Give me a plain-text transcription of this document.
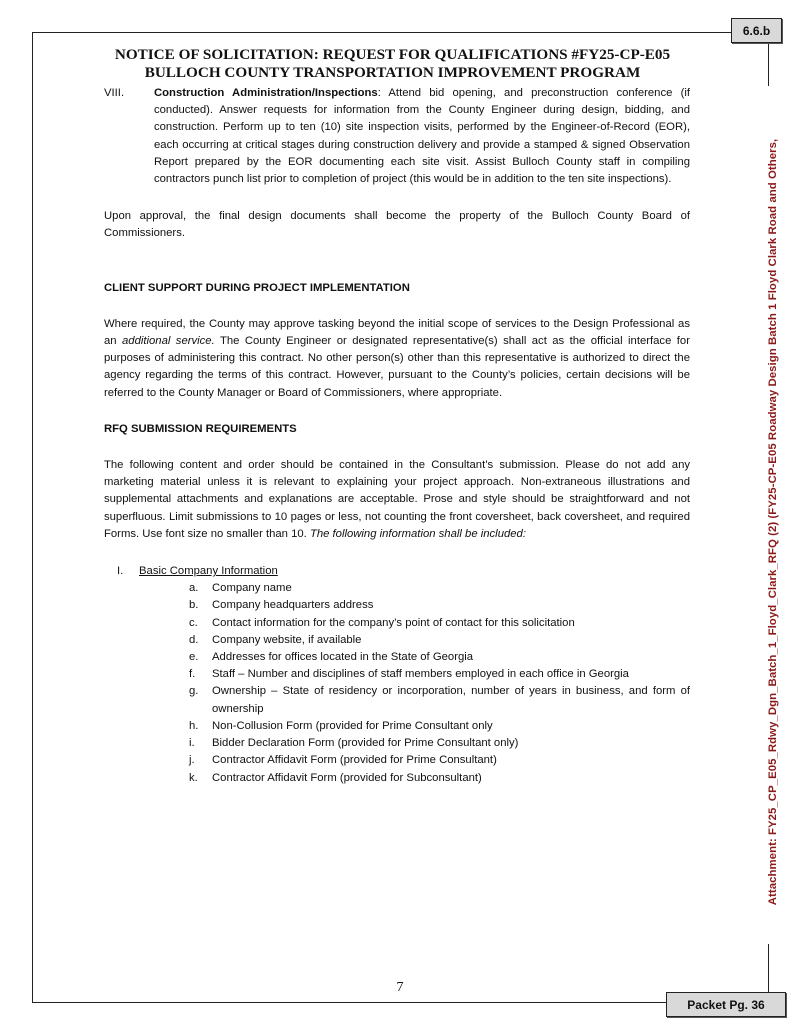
6.6.b
Attachment: FY25_CP_E05_Rdwy_Dgn_Batch_1_Floyd_Clark_RFQ (2) (FY25-CP-E05 Roadway Design Batch 1 Floyd Clark Road and Others,
NOTICE OF SOLICITATION: REQUEST FOR QUALIFICATIONS #FY25-CP-E05
BULLOCH COUNTY TRANSPORTATION IMPROVEMENT PROGRAM
VIII.	Construction Administration/Inspections: Attend bid opening, and preconstruction conference (if conducted). Answer requests for information from the County Engineer during design, bidding, and construction. Perform up to ten (10) site inspection visits, performed by the Engineer-of-Record (EOR), each occurring at critical stages during construction delivery and provide a stamped & signed Observation Report prepared by the EOR documenting each site visit. Assist Bulloch County staff in compiling contractors punch list prior to completion of project (this would be in addition to the ten site inspections).

Upon approval, the final design documents shall become the property of the Bulloch County Board of Commissioners.

CLIENT SUPPORT DURING PROJECT IMPLEMENTATION

Where required, the County may approve tasking beyond the initial scope of services to the Design Professional as an additional service. The County Engineer or designated representative(s) shall act as the official interface for purposes of administering this contract. No other person(s) other than this representative is authorized to direct the agency regarding the terms of this contract. However, pursuant to the County’s policies, certain decisions will be referred to the County Manager or Board of Commissioners, where appropriate.

RFQ SUBMISSION REQUIREMENTS

The following content and order should be contained in the Consultant’s submission. Please do not add any marketing material unless it is relevant to explaining your project approach. Non-extraneous illustrations and supplemental attachments and explanations are acceptable. Prose and style should be straightforward and not superfluous. Limit submissions to 10 pages or less, not counting the front coversheet, back coversheet, and required Forms. Use font size no smaller than 10. The following information shall be included:

I. Basic Company Information
a. Company name
b. Company headquarters address
c. Contact information for the company’s point of contact for this solicitation
d. Company website, if available
e. Addresses for offices located in the State of Georgia
f. Staff – Number and disciplines of staff members employed in each office in Georgia
g. Ownership – State of residency or incorporation, number of years in business, and form of ownership
h. Non-Collusion Form (provided for Prime Consultant only
i. Bidder Declaration Form (provided for Prime Consultant only)
j. Contractor Affidavit Form (provided for Prime Consultant)
k. Contractor Affidavit Form (provided for Subconsultant)
7
Packet Pg. 36
